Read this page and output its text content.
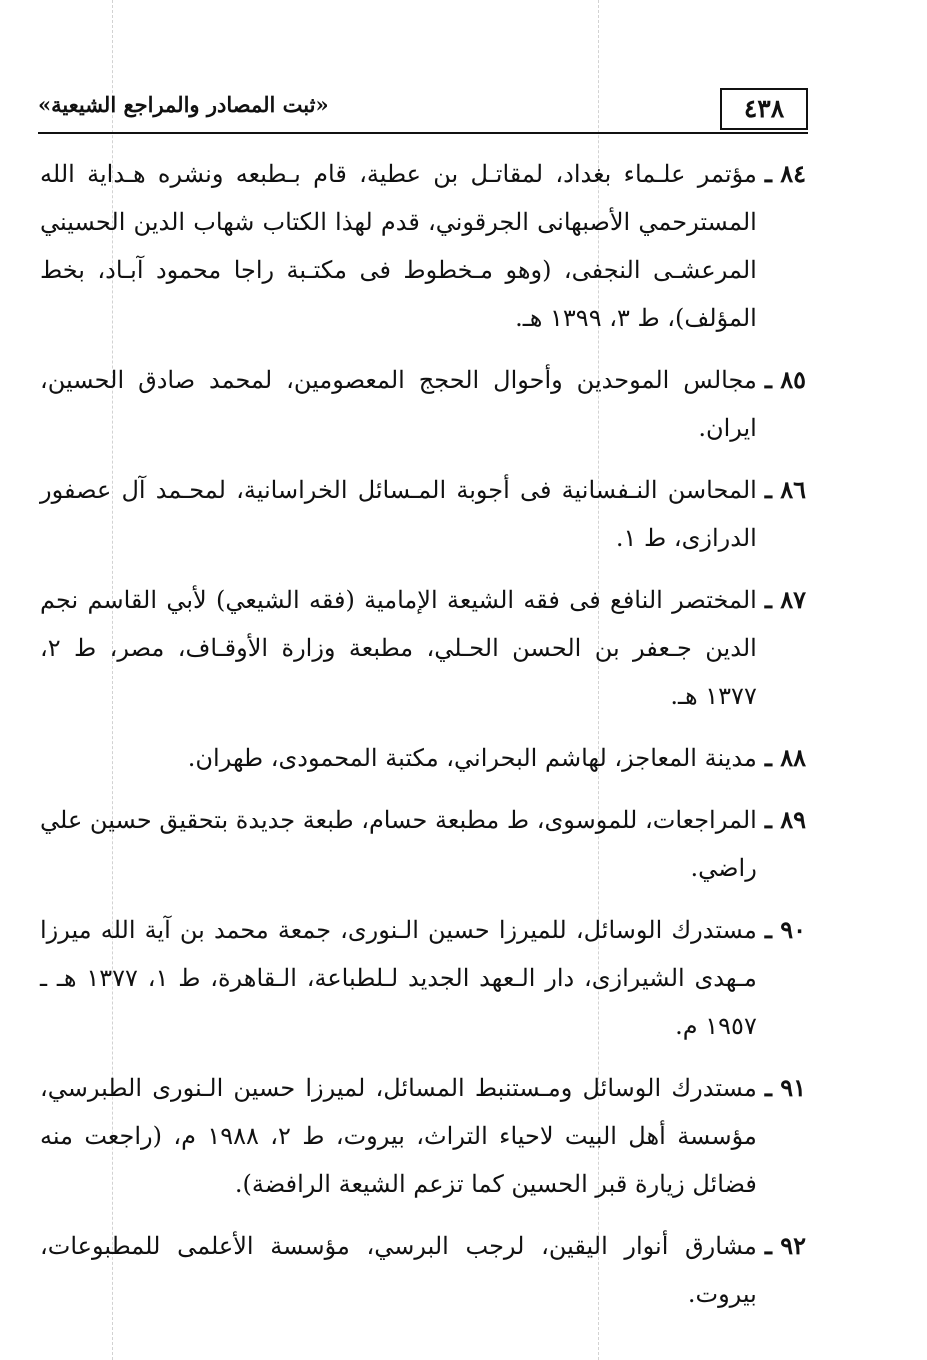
«ثبت المصادر والمراجع الشيعية»	٤٣٨
٨٤ ـ
مؤتمر علـماء بغداد، لمقاتـل بن عطية، قام بـطبعه ونشره هـداية الله المسترحمي الأصبهانى الجرقوني، قدم لهذا الكتاب شهاب الدين الحسيني المرعشـى النجفى، (وهو مـخطوط فى مكتـبة راجا محمود آبـاد، بخط المؤلف)، ط ٣، ١٣٩٩ هـ.
٨٥ ـ
مجالس الموحدين وأحوال الحجج المعصومين، لمحمد صادق الحسين، ايران.
٨٦ ـ
المحاسن النـفسانية فى أجوبة المـسائل الخراسانية، لمحـمد آل عصفور الدرازى، ط ١.
٨٧ ـ
المختصر النافع فى فقه الشيعة الإمامية (فقه الشيعي) لأبي القاسم نجم الدين جـعفر بن الحسن الحـلي، مطبعة وزارة الأوقـاف، مصر، ط ٢، ١٣٧٧ هـ.
٨٨ ـ
مدينة المعاجز، لهاشم البحراني، مكتبة المحمودى، طهران.
٨٩ ـ
المراجعات، للموسوى، ط مطبعة حسام، طبعة جديدة بتحقيق حسين علي راضي.
٩٠ ـ
مستدرك الوسائل، للميرزا حسين الـنورى، جمعة محمد بن آية الله ميرزا مـهدى الشيرازى، دار الـعهد الجديد لـلطباعة، الـقاهرة، ط ١، ١٣٧٧ هـ ـ ١٩٥٧ م.
٩١ ـ
مستدرك الوسائل ومـستنبط المسائل، لميرزا حسين الـنورى الطبرسي، مؤسسة أهل البيت لاحياء التراث، بيروت، ط ٢، ١٩٨٨ م، (راجعت منه فضائل زيارة قبر الحسين كما تزعم الشيعة الرافضة).
٩٢ ـ
مشارق أنوار اليقين، لرجب البرسي، مؤسسة الأعلمى للمطبوعات، بيروت.
